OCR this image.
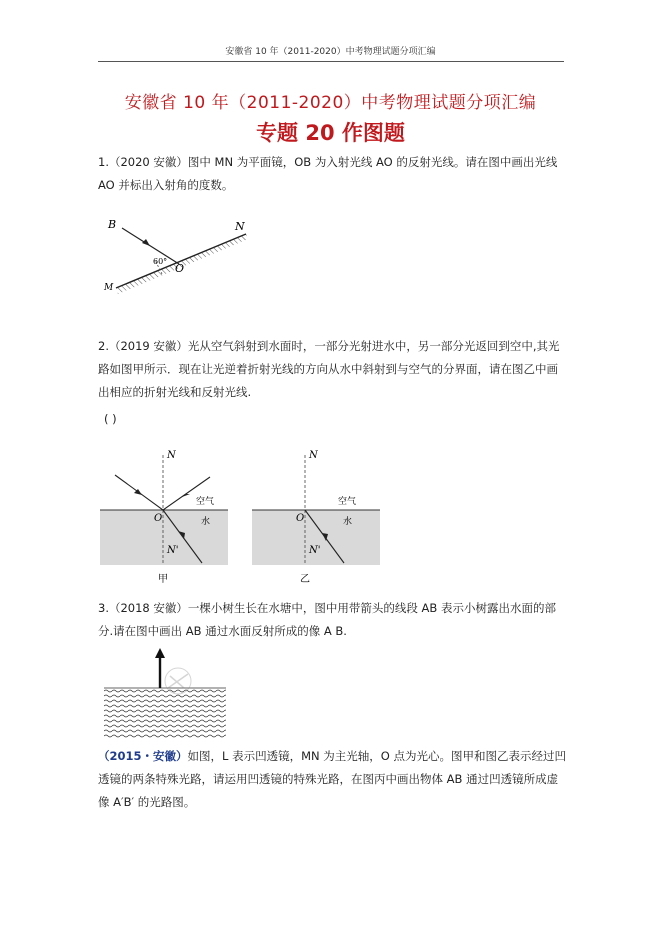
安徽省 10 年（2011-2020）中考物理试题分项汇编
安徽省 10 年（2011-2020）中考物理试题分项汇编
专题 20 作图题
1.（2020 安徽）图中 MN 为平面镜，OB 为入射光线 AO 的反射光线。请在图中画出光线 AO 并标出入射角的度数。
B	N
O
M
60°
2.（2019 安徽）光从空气斜射到水面时，一部分光射进水中，另一部分光返回到空中,其光路如图甲所示．现在让光逆着折射光线的方向从水中斜射到与空气的分界面，请在图乙中画出相应的折射光线和反射光线.
( )
N
O
N'
空气
水
甲
N
O
N'
空气
水
乙
3.（2018 安徽）一棵小树生长在水塘中，图中用带箭头的线段 AB 表示小树露出水面的部分.请在图中画出 AB 通过水面反射所成的像 A B.
（2015・安徽）如图，L 表示凹透镜，MN 为主光轴，O 点为光心。图甲和图乙表示经过凹透镜的两条特殊光路，请运用凹透镜的特殊光路，在图丙中画出物体 AB 通过凹透镜所成虚像 A′B′ 的光路图。
